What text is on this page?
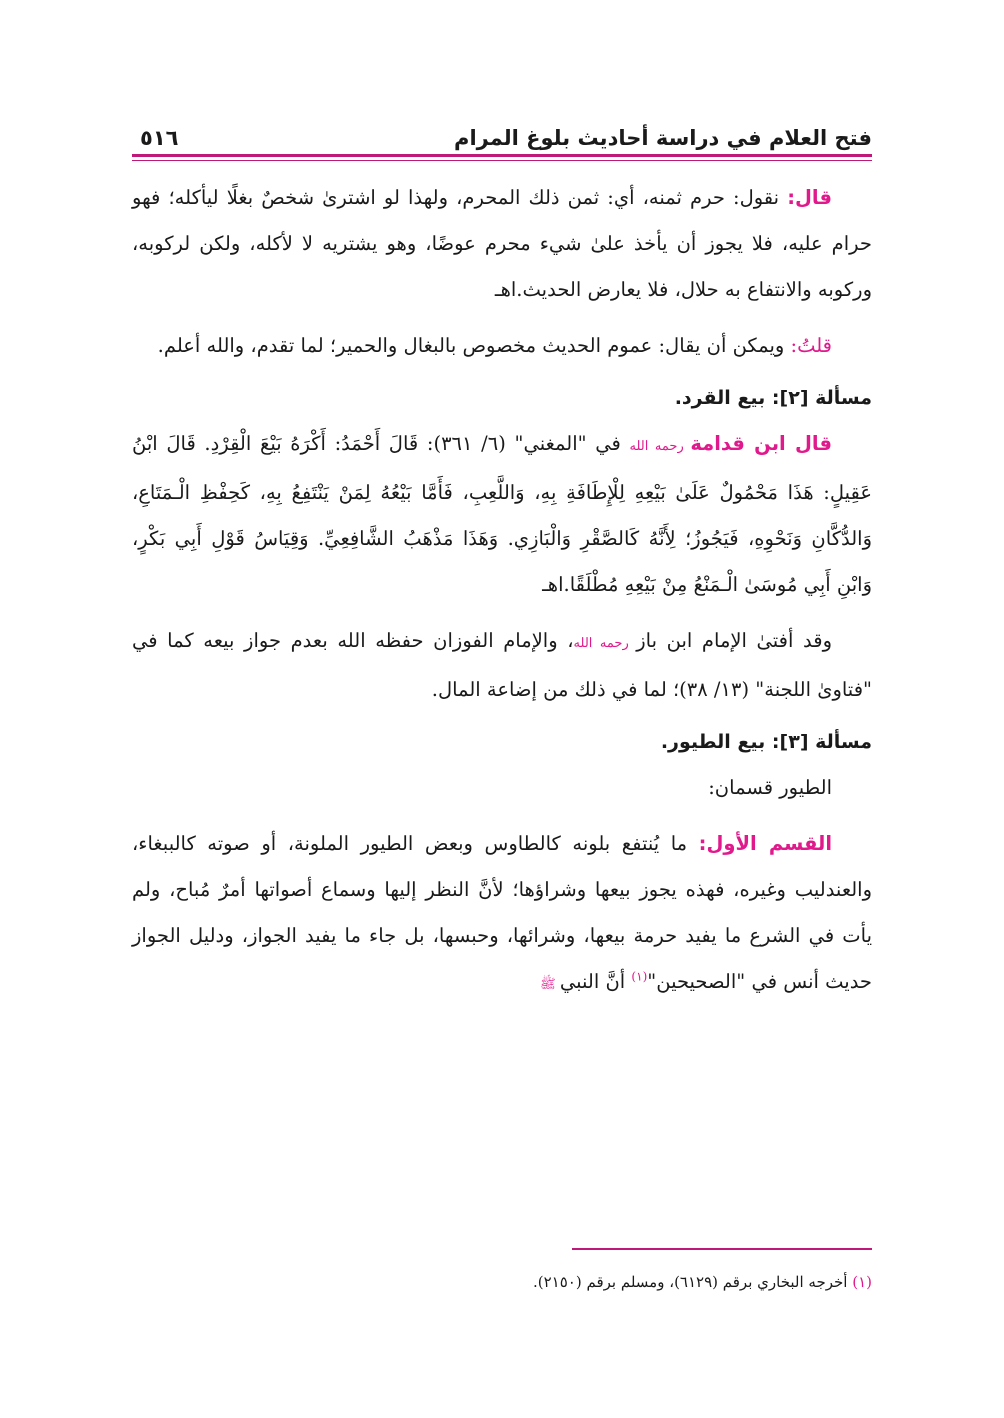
فتح العلام في دراسة أحاديث بلوغ المرام
٥١٦

قال: نقول: حرم ثمنه، أي: ثمن ذلك المحرم، ولهذا لو اشترىٰ شخصٌ بغلًا ليأكله؛ فهو حرام عليه، فلا يجوز أن يأخذ علىٰ شيء محرم عوضًا، وهو يشتريه لا لأكله، ولكن لركوبه، وركوبه والانتفاع به حلال، فلا يعارض الحديث.اهـ

قلتُ: ويمكن أن يقال: عموم الحديث مخصوص بالبغال والحمير؛ لما تقدم، والله أعلم.

مسألة [٢]: بيع القرد.

قال ابن قدامة رحمه الله في "المغني" (٦/ ٣٦١): قَالَ أَحْمَدُ: أَكْرَهُ بَيْعَ الْقِرْدِ. قَالَ ابْنُ عَقِيلٍ: هَذَا مَحْمُولٌ عَلَىٰ بَيْعِهِ لِلْإِطَافَةِ بِهِ، وَاللَّعِبِ، فَأَمَّا بَيْعُهُ لِمَنْ يَنْتَفِعُ بِهِ، كَحِفْظِ الْـمَتَاعِ، وَالدُّكَّانِ وَنَحْوِهِ، فَيَجُوزُ؛ لِأَنَّهُ كَالصَّقْرِ وَالْبَازِي. وَهَذَا مَذْهَبُ الشَّافِعِيِّ. وَقِيَاسُ قَوْلِ أَبِي بَكْرٍ، وَابْنِ أَبِي مُوسَىٰ الْـمَنْعُ مِنْ بَيْعِهِ مُطْلَقًا.اهـ

وقد أفتىٰ الإمام ابن باز رحمه الله، والإمام الفوزان حفظه الله بعدم جواز بيعه كما في "فتاوىٰ اللجنة" (١٣/ ٣٨)؛ لما في ذلك من إضاعة المال.

مسألة [٣]: بيع الطيور.

الطيور قسمان:

القسم الأول: ما يُنتفع بلونه كالطاوس وبعض الطيور الملونة، أو صوته كالببغاء، والعندليب وغيره، فهذه يجوز بيعها وشراؤها؛ لأنَّ النظر إليها وسماع أصواتها أمرٌ مُباح، ولم يأت في الشرع ما يفيد حرمة بيعها، وشرائها، وحبسها، بل جاء ما يفيد الجواز، ودليل الجواز حديث أنس في "الصحيحين"$^{(١)}$ أنَّ النبي ﷺ

(١) أخرجه البخاري برقم (٦١٢٩)، ومسلم برقم (٢١٥٠).
